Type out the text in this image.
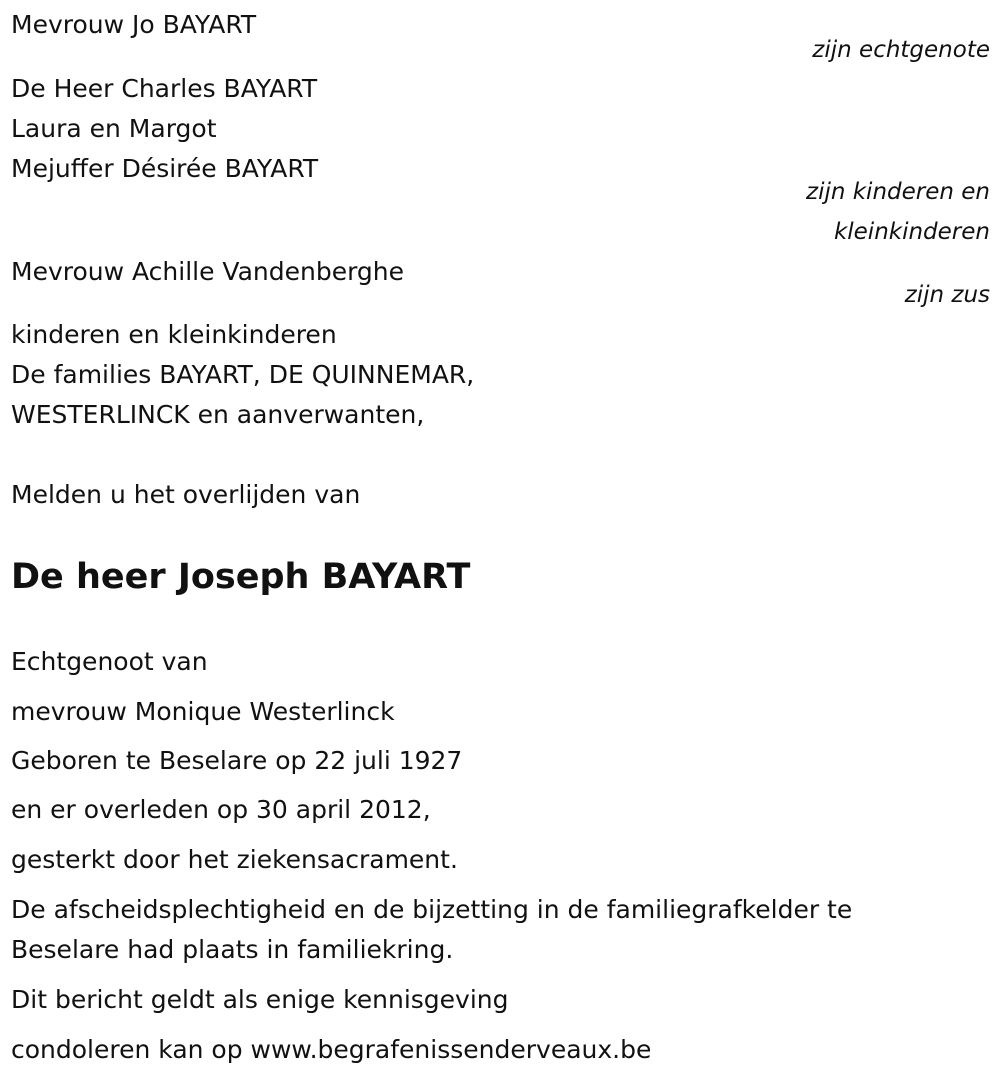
Mevrouw Jo BAYART
zijn echtgenote
De Heer Charles BAYART
Laura en Margot
Mejuffer Désirée BAYART
zijn kinderen en
kleinkinderen
Mevrouw Achille Vandenberghe
zijn zus
kinderen en kleinkinderen
De families BAYART, DE QUINNEMAR,
WESTERLINCK en aanverwanten,
Melden u het overlijden van
De heer Joseph BAYART
Echtgenoot van
mevrouw Monique Westerlinck
Geboren te Beselare op 22 juli 1927
en er overleden op 30 april 2012,
gesterkt door het ziekensacrament.
De afscheidsplechtigheid en de bijzetting in de familiegrafkelder te
Beselare had plaats in familiekring.
Dit bericht geldt als enige kennisgeving
condoleren kan op www.begrafenissenderveaux.be
